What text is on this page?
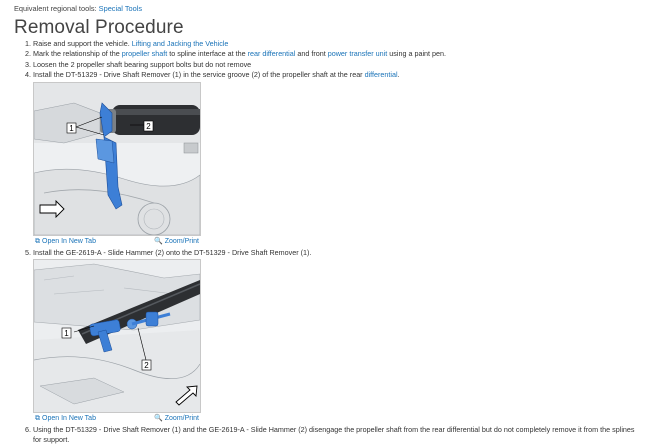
Equivalent regional tools: Special Tools
Removal Procedure
1. Raise and support the vehicle. Lifting and Jacking the Vehicle
2. Mark the relationship of the propeller shaft to spline interface at the rear differential and front power transfer unit using a paint pen.
3. Loosen the 2 propeller shaft bearing support bolts but do not remove
4. Install the DT-51329 - Drive Shaft Remover (1) in the service groove (2) of the propeller shaft at the rear differential.
1	2
⧉ Open In New Tab	🔍 Zoom/Print
5. Install the GE-2619-A - Slide Hammer (2) onto the DT-51329 - Drive Shaft Remover (1).
1
2
⧉ Open In New Tab	🔍 Zoom/Print
6. Using the DT-51329 - Drive Shaft Remover (1) and the GE-2619-A - Slide Hammer (2) disengage the propeller shaft from the rear differential but do not completely remove it from the splines for support.
